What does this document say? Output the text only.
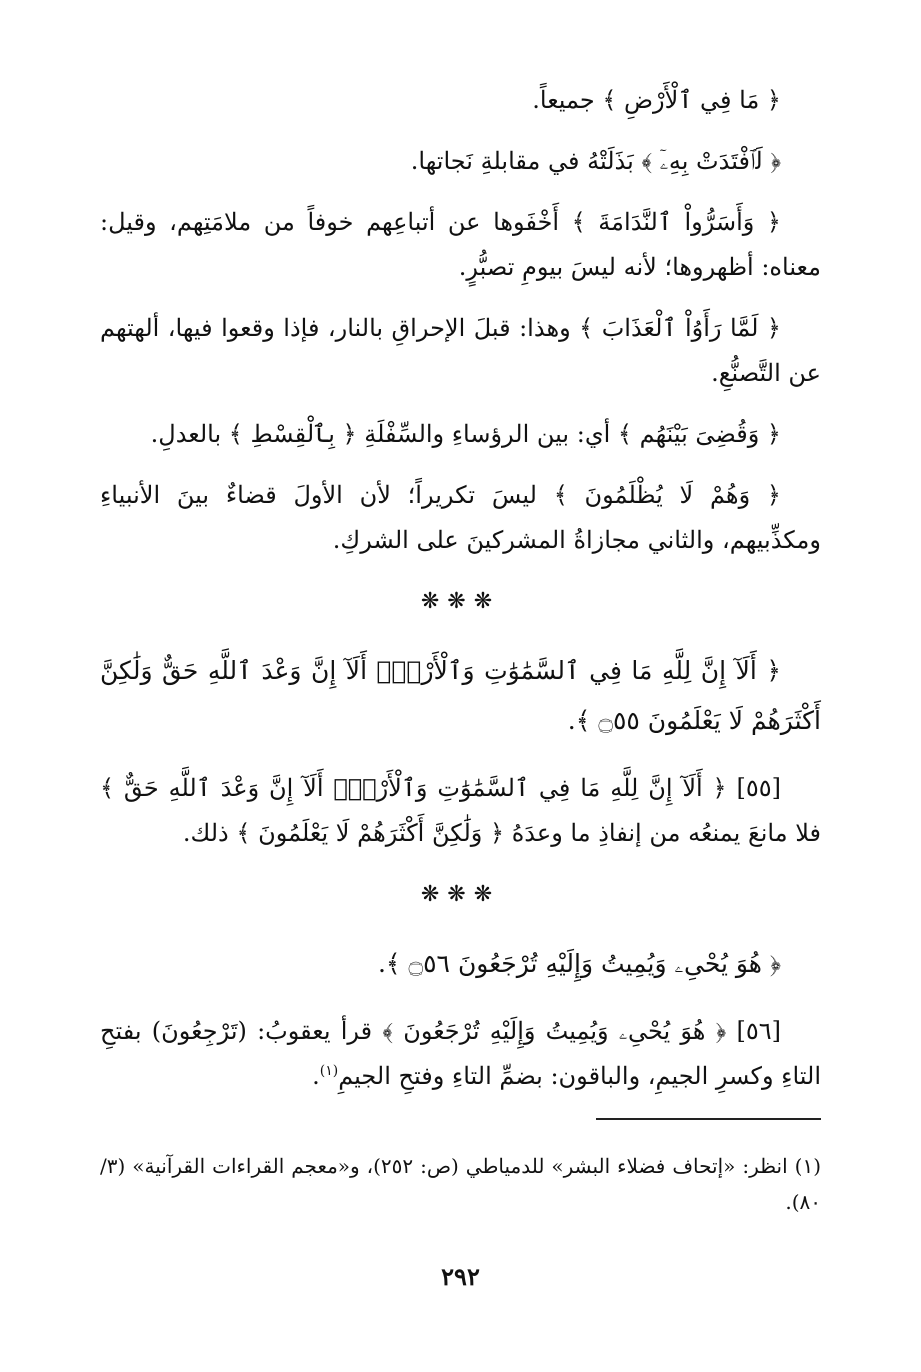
﴿ مَا فِي ٱلْأَرْضِ ﴾ جميعاً.

﴿ لَٱفْتَدَتْ بِهِۦٓ ﴾ بَذَلَتْهُ في مقابلةِ نَجاتها.

﴿ وَأَسَرُّواْ ٱلنَّدَامَةَ ﴾ أَخْفَوها عن أتباعِهم خوفاً من ملامَتِهم، وقيل: معناه: أظهروها؛ لأنه ليسَ بيومِ تصبُّرٍ.

﴿ لَمَّا رَأَوُاْ ٱلْعَذَابَ ﴾ وهذا: قبلَ الإحراقِ بالنار، فإذا وقعوا فيها، ألهتهم عن التَّصنُّعِ.

﴿ وَقُضِىَ بَيْنَهُم ﴾ أي: بين الرؤساءِ والسِّفْلَةِ ﴿ بِٱلْقِسْطِ ﴾ بالعدلِ.

﴿ وَهُمْ لَا يُظْلَمُونَ ﴾ ليسَ تكريراً؛ لأن الأولَ قضاءٌ بينَ الأنبياءِ ومكذِّبيهم، والثاني مجازاةُ المشركينَ على الشركِ.

❋❋❋

﴿ أَلَآ إِنَّ لِلَّهِ مَا فِي ٱلسَّمَٰوَٰتِ وَٱلْأَرْضِۗ أَلَآ إِنَّ وَعْدَ ٱللَّهِ حَقٌّ وَلَٰكِنَّ أَكْثَرَهُمْ لَا يَعْلَمُونَ ۝٥٥ ﴾.

[٥٥] ﴿ أَلَآ إِنَّ لِلَّهِ مَا فِي ٱلسَّمَٰوَٰتِ وَٱلْأَرْضِۗ أَلَآ إِنَّ وَعْدَ ٱللَّهِ حَقٌّ ﴾ فلا مانعَ يمنعُه من إنفاذِ ما وعدَهُ ﴿ وَلَٰكِنَّ أَكْثَرَهُمْ لَا يَعْلَمُونَ ﴾ ذلك.

❋❋❋

﴿ هُوَ يُحْىِۦ وَيُمِيتُ وَإِلَيْهِ تُرْجَعُونَ ۝٥٦ ﴾.

[٥٦] ﴿ هُوَ يُحْىِۦ وَيُمِيتُ وَإِلَيْهِ تُرْجَعُونَ ﴾ قرأ يعقوبُ: (تَرْجِعُونَ) بفتحِ التاءِ وكسرِ الجيمِ، والباقون: بضمِّ التاءِ وفتحِ الجيمِ$^{(١)}$.

(١) انظر: «إتحاف فضلاء البشر» للدمياطي (ص: ٢٥٢)، و«معجم القراءات القرآنية» (٣/ ٨٠).

٢٩٢
